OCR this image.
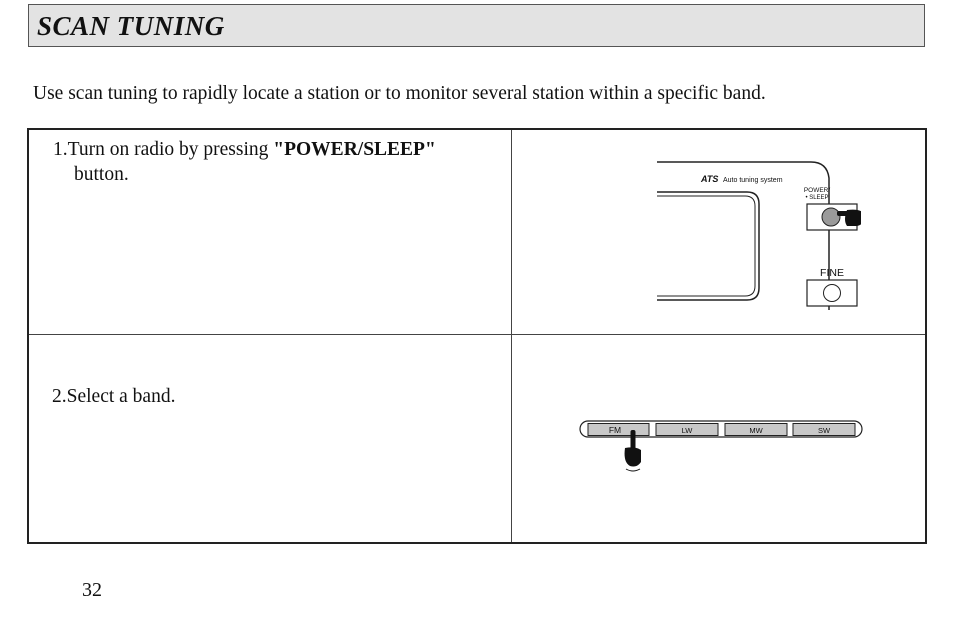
SCAN TUNING
Use scan tuning to rapidly locate a station or to monitor several station within a specific band.
1.Turn on radio by pressing "POWER/SLEEP"
button.	ATS Auto tuning system
POWER/
• SLEEP
FINE
2.Select a band.
FM	LW	MW	SW
32
